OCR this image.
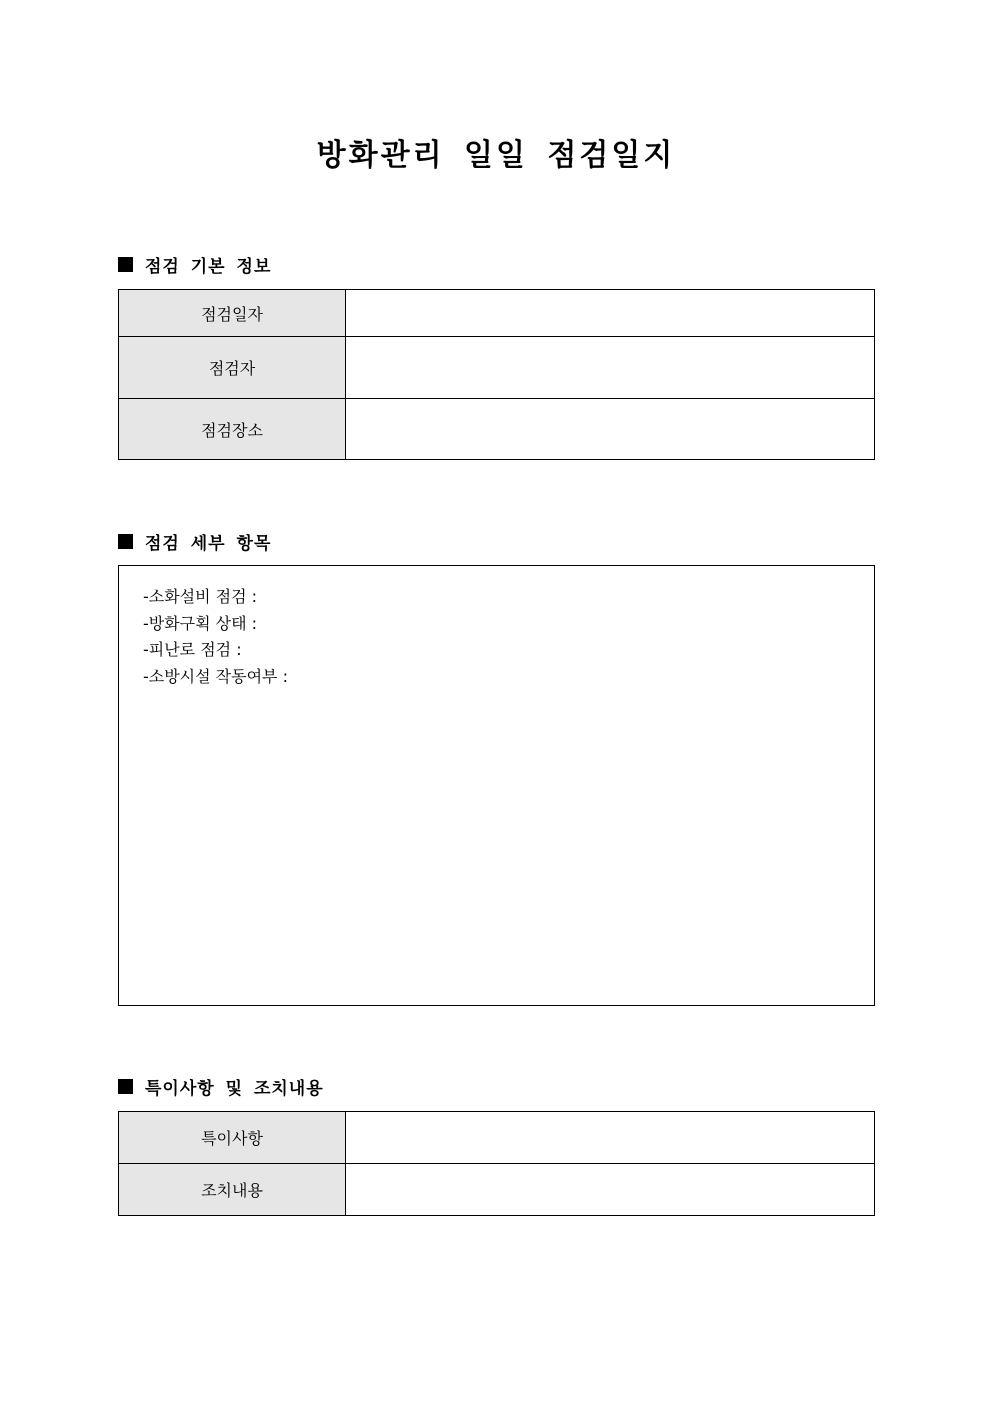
방화관리 일일 점검일지
점검 기본 정보
점검일자	
점검자	
점검장소	
점검 세부 항목
-소화설비 점검 :
-방화구획 상태 :
-피난로 점검 :
-소방시설 작동여부 :
특이사항 및 조치내용
특이사항	
조치내용	
